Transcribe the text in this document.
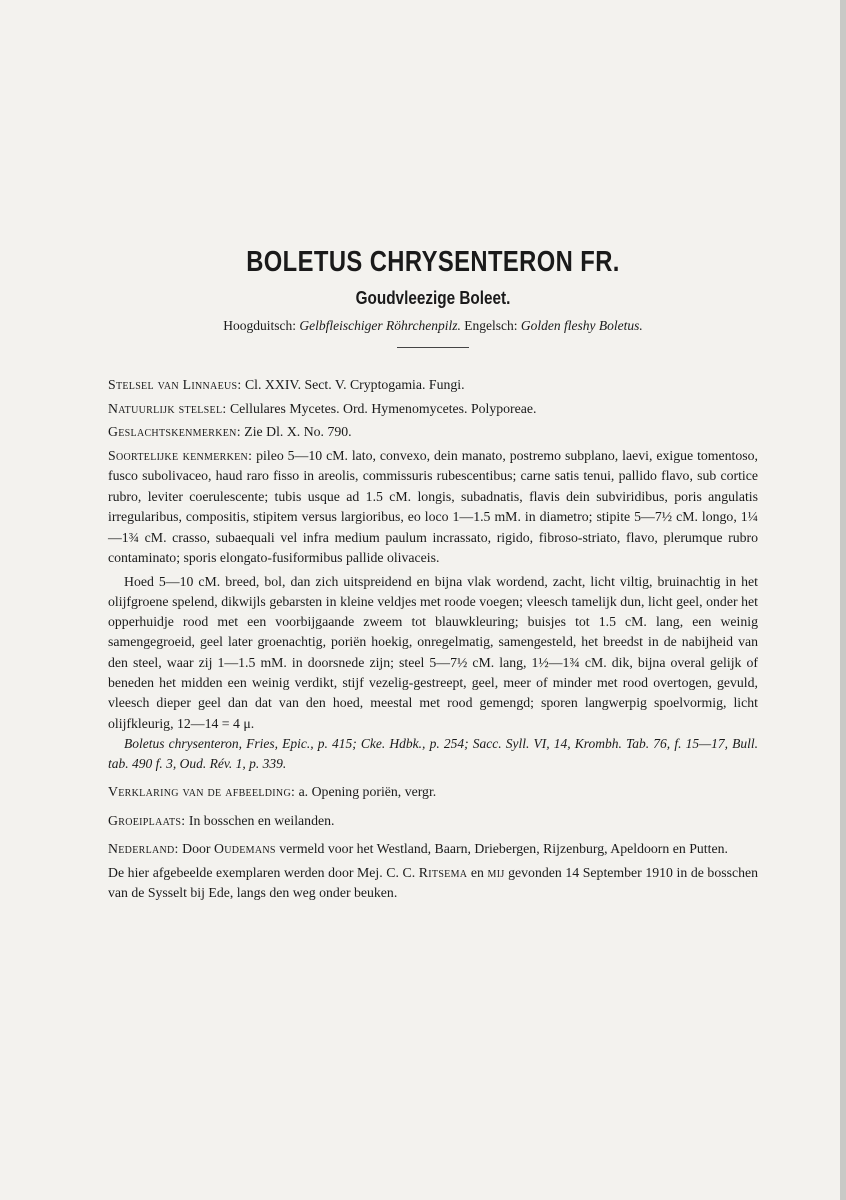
BOLETUS CHRYSENTERON FR.
Goudvleezige Boleet.
Hoogduitsch: Gelbfleischiger Röhrchenpilz. Engelsch: Golden fleshy Boletus.

Stelsel van Linnaeus: Cl. XXIV. Sect. V. Cryptogamia. Fungi.

Natuurlijk stelsel: Cellulares Mycetes. Ord. Hymenomycetes. Polyporeae.

Geslachtskenmerken: Zie Dl. X. No. 790.

Soortelijke kenmerken: pileo 5—10 cM. lato, convexo, dein manato, postremo subplano, laevi, exigue tomentoso, fusco subolivaceo, haud raro fisso in areolis, commissuris rubescentibus; carne satis tenui, pallido flavo, sub cortice rubro, leviter coerulescente; tubis usque ad 1.5 cM. longis, subadnatis, flavis dein subviridibus, poris angulatis irregularibus, compositis, stipitem versus largioribus, eo loco 1—1.5 mM. in diametro; stipite 5—7½ cM. longo, 1¼—1¾ cM. crasso, subaequali vel infra medium paulum incrassato, rigido, fibroso-striato, flavo, plerumque rubro contaminato; sporis elongato-fusiformibus pallide olivaceis.

Hoed 5—10 cM. breed, bol, dan zich uitspreidend en bijna vlak wordend, zacht, licht viltig, bruinachtig in het olijfgroene spelend, dikwijls gebarsten in kleine veldjes met roode voegen; vleesch tamelijk dun, licht geel, onder het opperhuidje rood met een voorbijgaande zweem tot blauwkleuring; buisjes tot 1.5 cM. lang, een weinig samengegroeid, geel later groenachtig, poriën hoekig, onregelmatig, samengesteld, het breedst in de nabijheid van den steel, waar zij 1—1.5 mM. in doorsnede zijn; steel 5—7½ cM. lang, 1½—1¾ cM. dik, bijna overal gelijk of beneden het midden een weinig verdikt, stijf vezelig-gestreept, geel, meer of minder met rood overtogen, gevuld, vleesch dieper geel dan dat van den hoed, meestal met rood gemengd; sporen langwerpig spoelvormig, licht olijfkleurig, 12—14 = 4 μ.

Boletus chrysenteron, Fries, Epic., p. 415; Cke. Hdbk., p. 254; Sacc. Syll. VI, 14, Krombh. Tab. 76, f. 15—17, Bull. tab. 490 f. 3, Oud. Rév. 1, p. 339.

Verklaring van de afbeelding: a. Opening poriën, vergr.

Groeiplaats: In bosschen en weilanden.

Nederland: Door Oudemans vermeld voor het Westland, Baarn, Driebergen, Rijzenburg, Apeldoorn en Putten.

De hier afgebeelde exemplaren werden door Mej. C. C. Ritsema en mij gevonden 14 September 1910 in de bosschen van de Sysselt bij Ede, langs den weg onder beuken.
